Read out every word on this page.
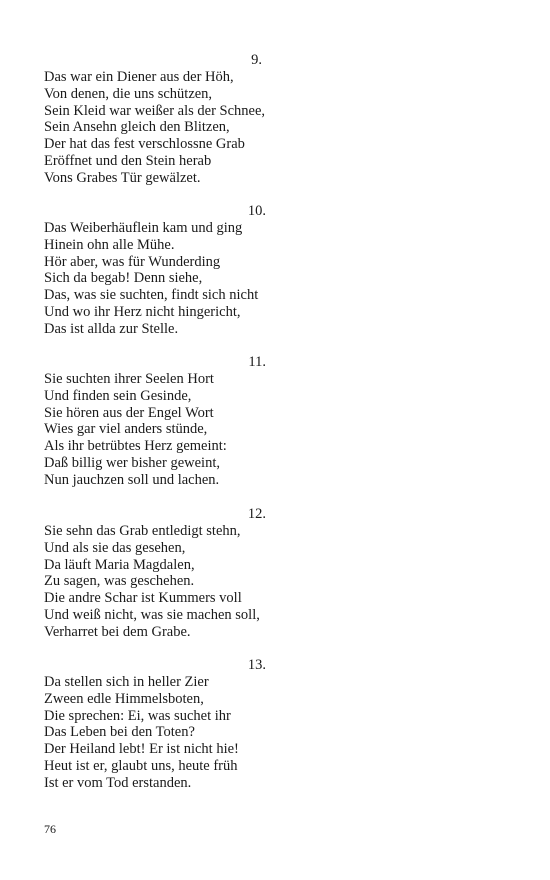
9.
Das war ein Diener aus der Höh,
Von denen, die uns schützen,
Sein Kleid war weißer als der Schnee,
Sein Ansehn gleich den Blitzen,
Der hat das fest verschlossne Grab
Eröffnet und den Stein herab
Vons Grabes Tür gewälzet.
10.
Das Weiberhäuflein kam und ging
Hinein ohn alle Mühe.
Hör aber, was für Wunderding
Sich da begab! Denn siehe,
Das, was sie suchten, findt sich nicht
Und wo ihr Herz nicht hingericht,
Das ist allda zur Stelle.
11.
Sie suchten ihrer Seelen Hort
Und finden sein Gesinde,
Sie hören aus der Engel Wort
Wies gar viel anders stünde,
Als ihr betrübtes Herz gemeint:
Daß billig wer bisher geweint,
Nun jauchzen soll und lachen.
12.
Sie sehn das Grab entledigt stehn,
Und als sie das gesehen,
Da läuft Maria Magdalen,
Zu sagen, was geschehen.
Die andre Schar ist Kummers voll
Und weiß nicht, was sie machen soll,
Verharret bei dem Grabe.
13.
Da stellen sich in heller Zier
Zween edle Himmelsboten,
Die sprechen: Ei, was suchet ihr
Das Leben bei den Toten?
Der Heiland lebt! Er ist nicht hie!
Heut ist er, glaubt uns, heute früh
Ist er vom Tod erstanden.
76
